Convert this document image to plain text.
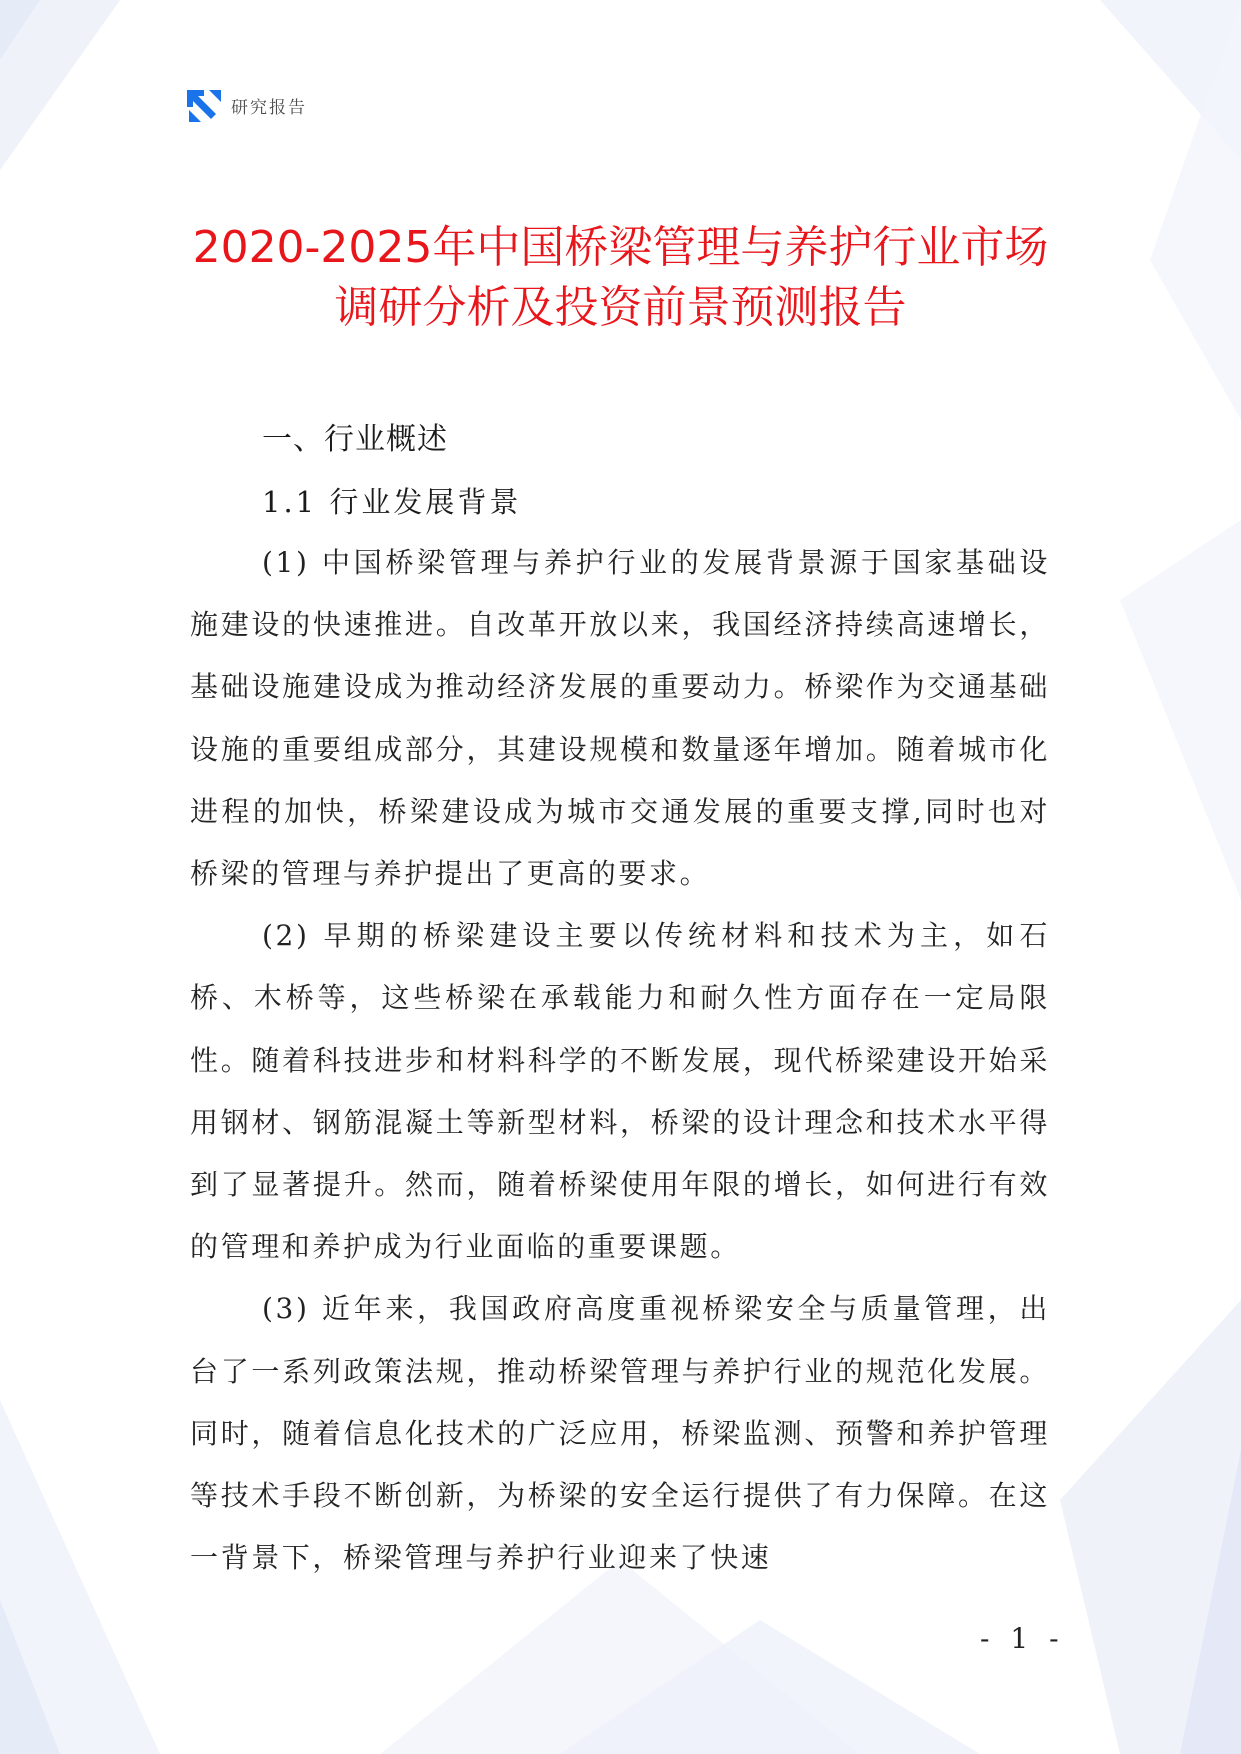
研究报告
2020-2025年中国桥梁管理与养护行业市场
调研分析及投资前景预测报告
一、行业概述
1.1 行业发展背景

(1) 中国桥梁管理与养护行业的发展背景源于国家基础设施建设的快速推进。自改革开放以来，我国经济持续高速增长，基础设施建设成为推动经济发展的重要动力。桥梁作为交通基础设施的重要组成部分，其建设规模和数量逐年增加。随着城市化进程的加快，桥梁建设成为城市交通发展的重要支撑,同时也对桥梁的管理与养护提出了更高的要求。

(2) 早期的桥梁建设主要以传统材料和技术为主，如石桥、木桥等，这些桥梁在承载能力和耐久性方面存在一定局限性。随着科技进步和材料科学的不断发展，现代桥梁建设开始采用钢材、钢筋混凝土等新型材料，桥梁的设计理念和技术水平得到了显著提升。然而，随着桥梁使用年限的增长，如何进行有效的管理和养护成为行业面临的重要课题。

(3) 近年来，我国政府高度重视桥梁安全与质量管理，出台了一系列政策法规，推动桥梁管理与养护行业的规范化发展。同时，随着信息化技术的广泛应用，桥梁监测、预警和养护管理等技术手段不断创新，为桥梁的安全运行提供了有力保障。在这一背景下，桥梁管理与养护行业迎来了快速

- 1 -
